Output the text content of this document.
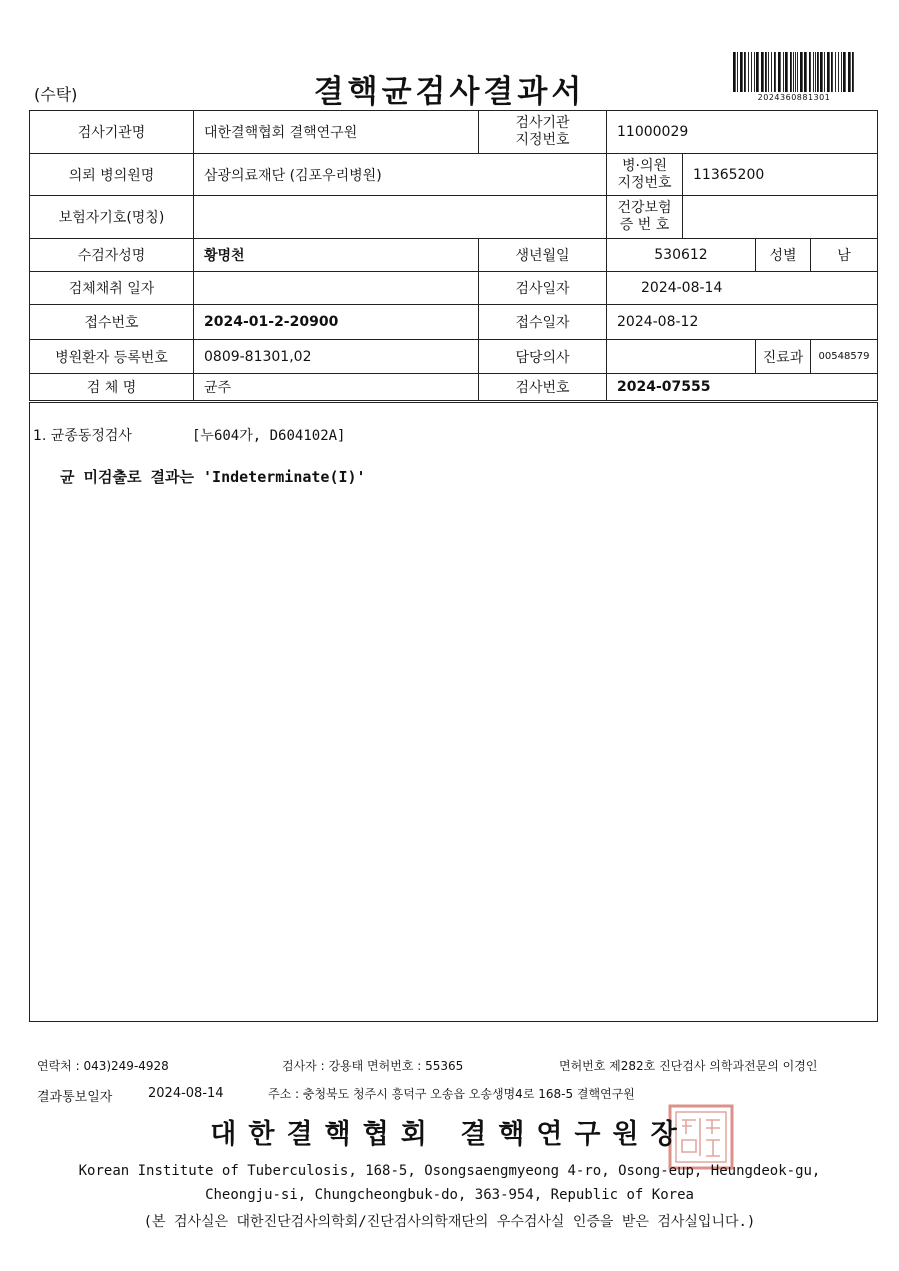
(수탁)	결핵균검사결과서	2024360881301
검사기관명	대한결핵협회 결핵연구원	검사기관
지정번호	11000029			
의뢰 병의원명	삼광의료재단 (김포우리병원)		병·의원
지정번호	11365200		
보험자기호(명칭)			건강보험
증 번 호			
수검자성명	황명천	생년월일	530612		성별	남
검체채취 일자		검사일자	2024-08-14			
접수번호	2024-01-2-20900	접수일자	2024-08-12			
병원환자 등록번호	0809-81301,02	담당의사			진료과	00548579
검 체 명	균주	검사번호	2024-07555			
1. 균종동정검사	[누604가, D604102A]
균 미검출로 결과는 'Indeterminate(I)'
연락처 : 043)249-4928	검사자 : 강용태 면허번호 : 55365	면허번호 제282호 진단검사 의학과전문의 이경인
결과통보일자	2024-08-14	주소 : 충청북도 청주시 흥덕구 오송읍 오송생명4로 168-5 결핵연구원
대한결핵협회 결핵연구원장
Korean Institute of Tuberculosis, 168-5, Osongsaengmyeong 4-ro, Osong-eup, Heungdeok-gu,
Cheongju-si, Chungcheongbuk-do, 363-954, Republic of Korea
(본 검사실은 대한진단검사의학회/진단검사의학재단의 우수검사실 인증을 받은 검사실입니다.)
